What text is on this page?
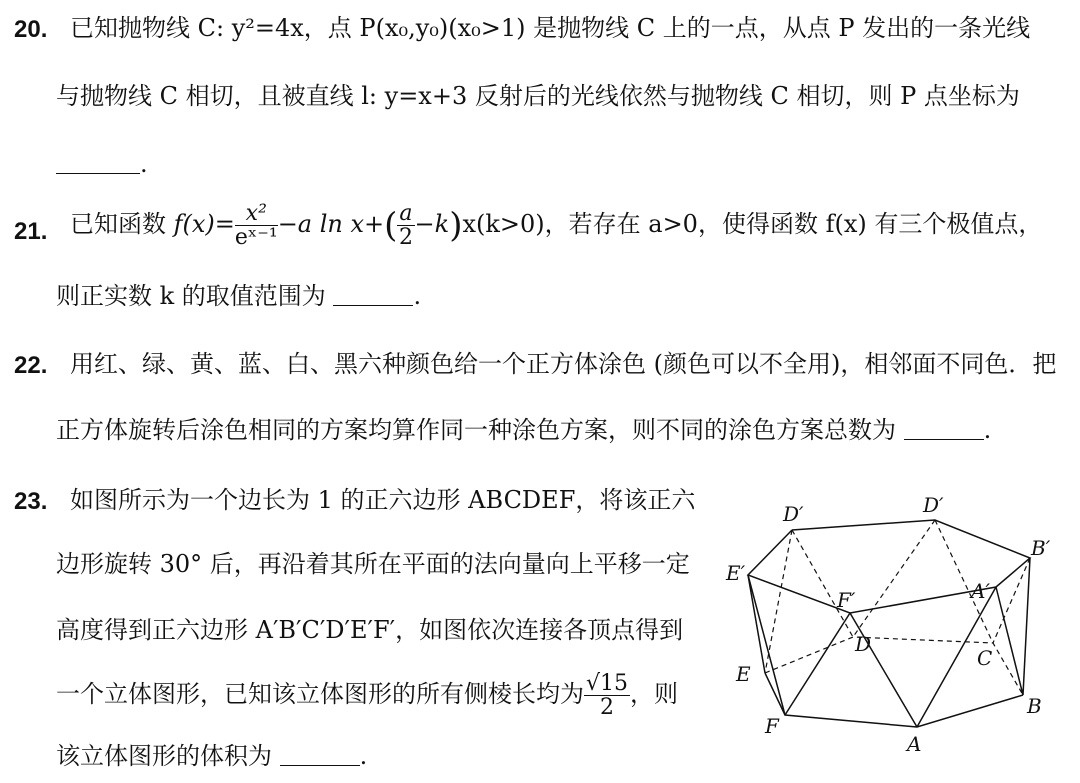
20. 已知抛物线 C: y²=4x，点 P(x₀,y₀)(x₀>1) 是抛物线 C 上的一点，从点 P 发出的一条光线
与抛物线 C 相切，且被直线 l: y=x+3 反射后的光线依然与抛物线 C 相切，则 P 点坐标为
.
21. 已知函数 $f(x)= \frac{\text{x²}}{\text{eˣ⁻¹}} -a$ $\ln x+( \frac{a}{2} -k)x(k>0)$，若存在 a>0，使得函数 f(x) 有三个极值点，
则正实数 k 的取值范围为	.
22. 用红、绿、黄、蓝、白、黑六种颜色给一个正方体涂色 (颜色可以不全用)，相邻面不同色．把
正方体旋转后涂色相同的方案均算作同一种涂色方案，则不同的涂色方案总数为	.
23. 如图所示为一个边长为 1 的正六边形 ABCDEF，将该正六
边形旋转 30° 后，再沿着其所在平面的法向量向上平移一定
高度得到正六边形 A′B′C′D′E′F′，如图依次连接各顶点得到
一个立体图形，已知该立体图形的所有侧棱长均为 $\frac{√15}{2}$ ，则
该立体图形的体积为	.
D′	D′
B′
E′
F′	A′
D
C
E
B
F
A
